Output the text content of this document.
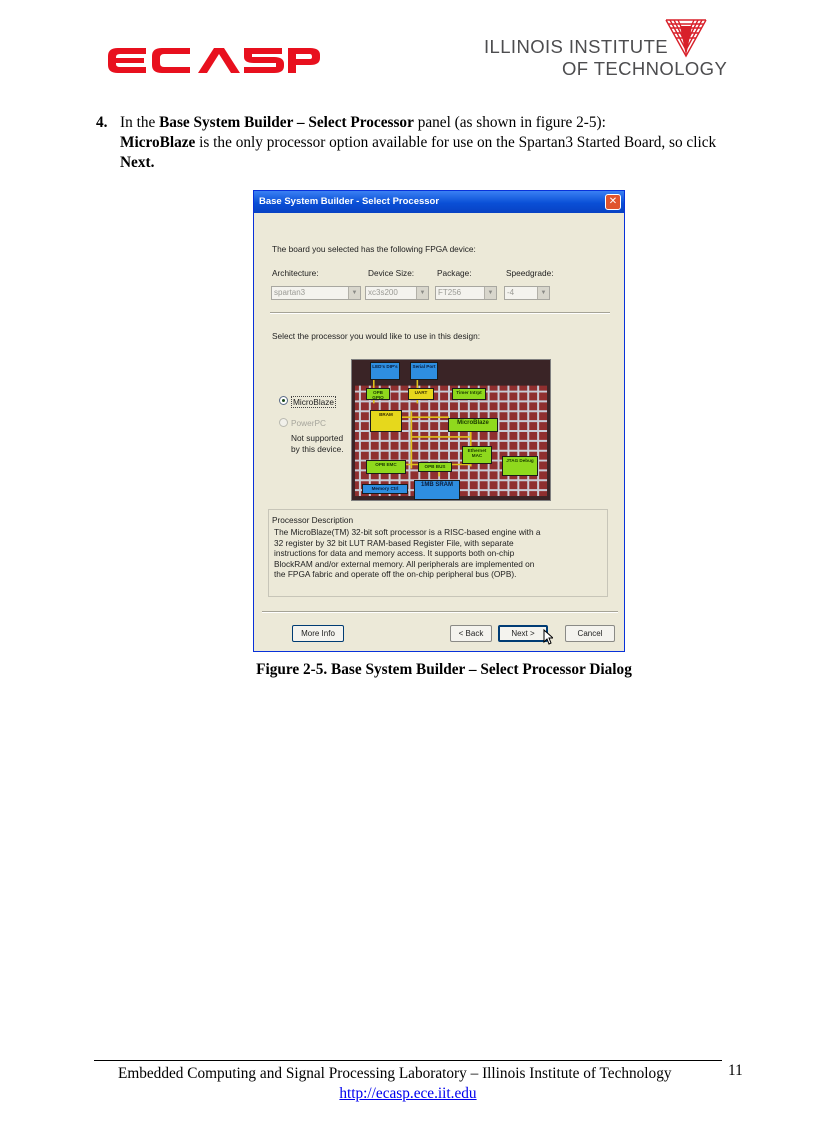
ILLINOIS INSTITUTE
OF TECHNOLOGY
4. In the Base System Builder – Select Processor panel (as shown in figure 2-5):
MicroBlaze is the only processor option available for use on the Spartan3 Started Board, so click
Next.
Base System Builder - Select Processor	✕
The board you selected has the following FPGA device:
Architecture:	Device Size:	Package:	Speedgrade:
spartan3	▼	xc3s200	▼	FT256	▼	-4	▼
Select the processor you would like to use in this design:
MicroBlaze
PowerPC
Not supported
by this device.
LED's DIP's	Serial Port
OPB GPIO
UART	Timer Intrpt
BRAM
MicroBlaze
Ethernet MAC
JTAG Debug
OPB EMC	OPB BUS
Memory Ctrl
1MB SRAM
Processor Description
The MicroBlaze(TM) 32-bit soft processor is a RISC-based engine with a
32 register by 32 bit LUT RAM-based Register File, with separate
instructions for data and memory access. It supports both on-chip
BlockRAM and/or external memory. All peripherals are implemented on
the FPGA fabric and operate off the on-chip peripheral bus (OPB).
More Info	< Back	Next >	Cancel
Figure 2-5. Base System Builder – Select Processor Dialog
Embedded Computing and Signal Processing Laboratory – Illinois Institute of Technology	11
http://ecasp.ece.iit.edu
